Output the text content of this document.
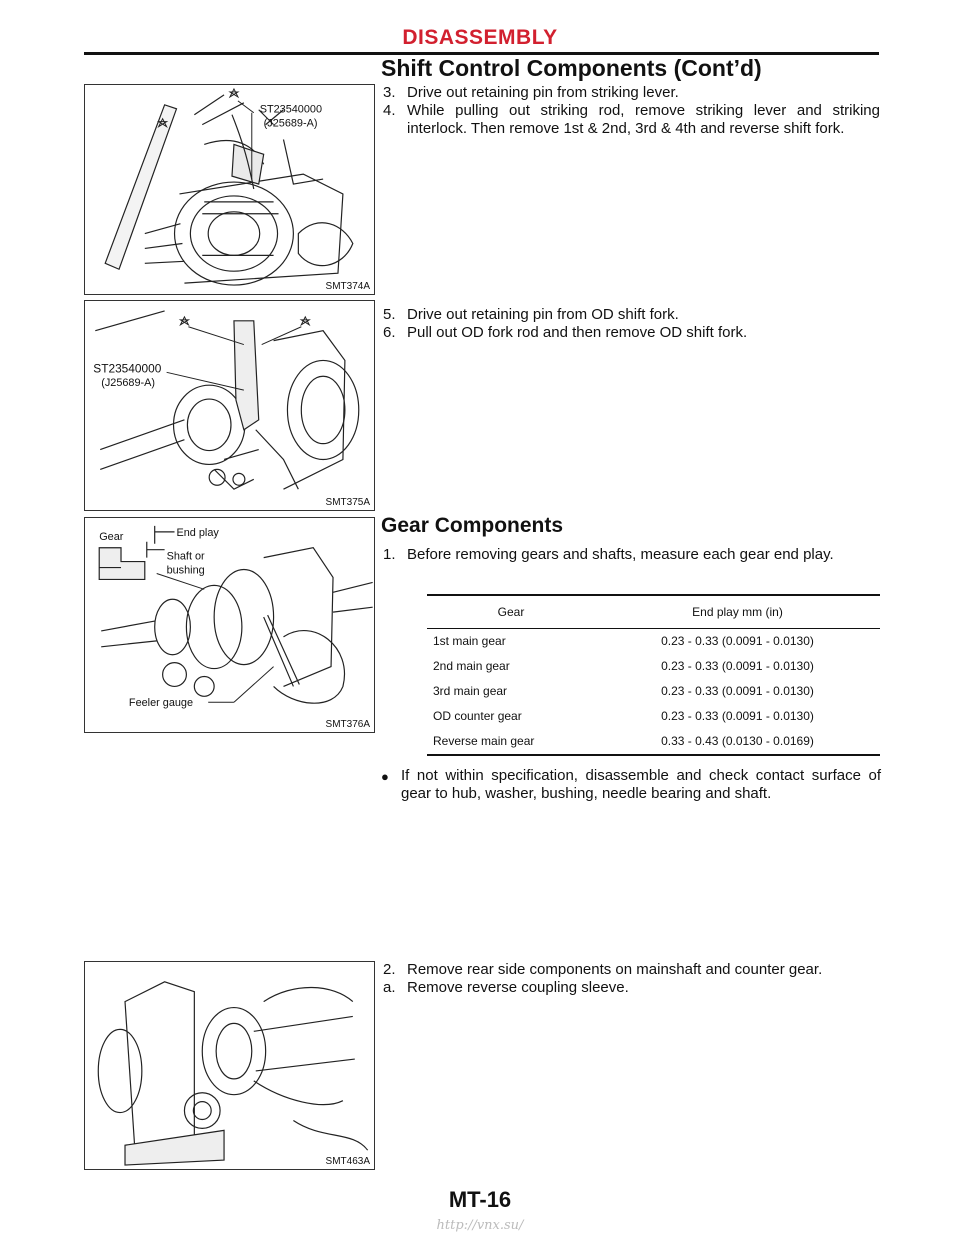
DISASSEMBLY
Shift Control Components (Cont’d)
ST23540000
(J25689-A)
SMT374A
ST23540000
(J25689-A)
SMT375A
Gear	End play
Shaft or
bushing
Feeler gauge
SMT376A
SMT463A
3. Drive out retaining pin from striking lever.
4. While pulling out striking rod, remove striking lever and striking interlock. Then remove 1st & 2nd, 3rd & 4th and reverse shift fork.
5. Drive out retaining pin from OD shift fork.
6. Pull out OD fork rod and then remove OD shift fork.
Gear Components
1. Before removing gears and shafts, measure each gear end play.
Gear	End play mm (in)
1st main gear	0.23 - 0.33 (0.0091 - 0.0130)
2nd main gear	0.23 - 0.33 (0.0091 - 0.0130)
3rd main gear	0.23 - 0.33 (0.0091 - 0.0130)
OD counter gear	0.23 - 0.33 (0.0091 - 0.0130)
Reverse main gear	0.33 - 0.43 (0.0130 - 0.0169)
● If not within specification, disassemble and check contact surface of gear to hub, washer, bushing, needle bearing and shaft.
2. Remove rear side components on mainshaft and counter gear.
a. Remove reverse coupling sleeve.
MT-16
http://vnx.su/
